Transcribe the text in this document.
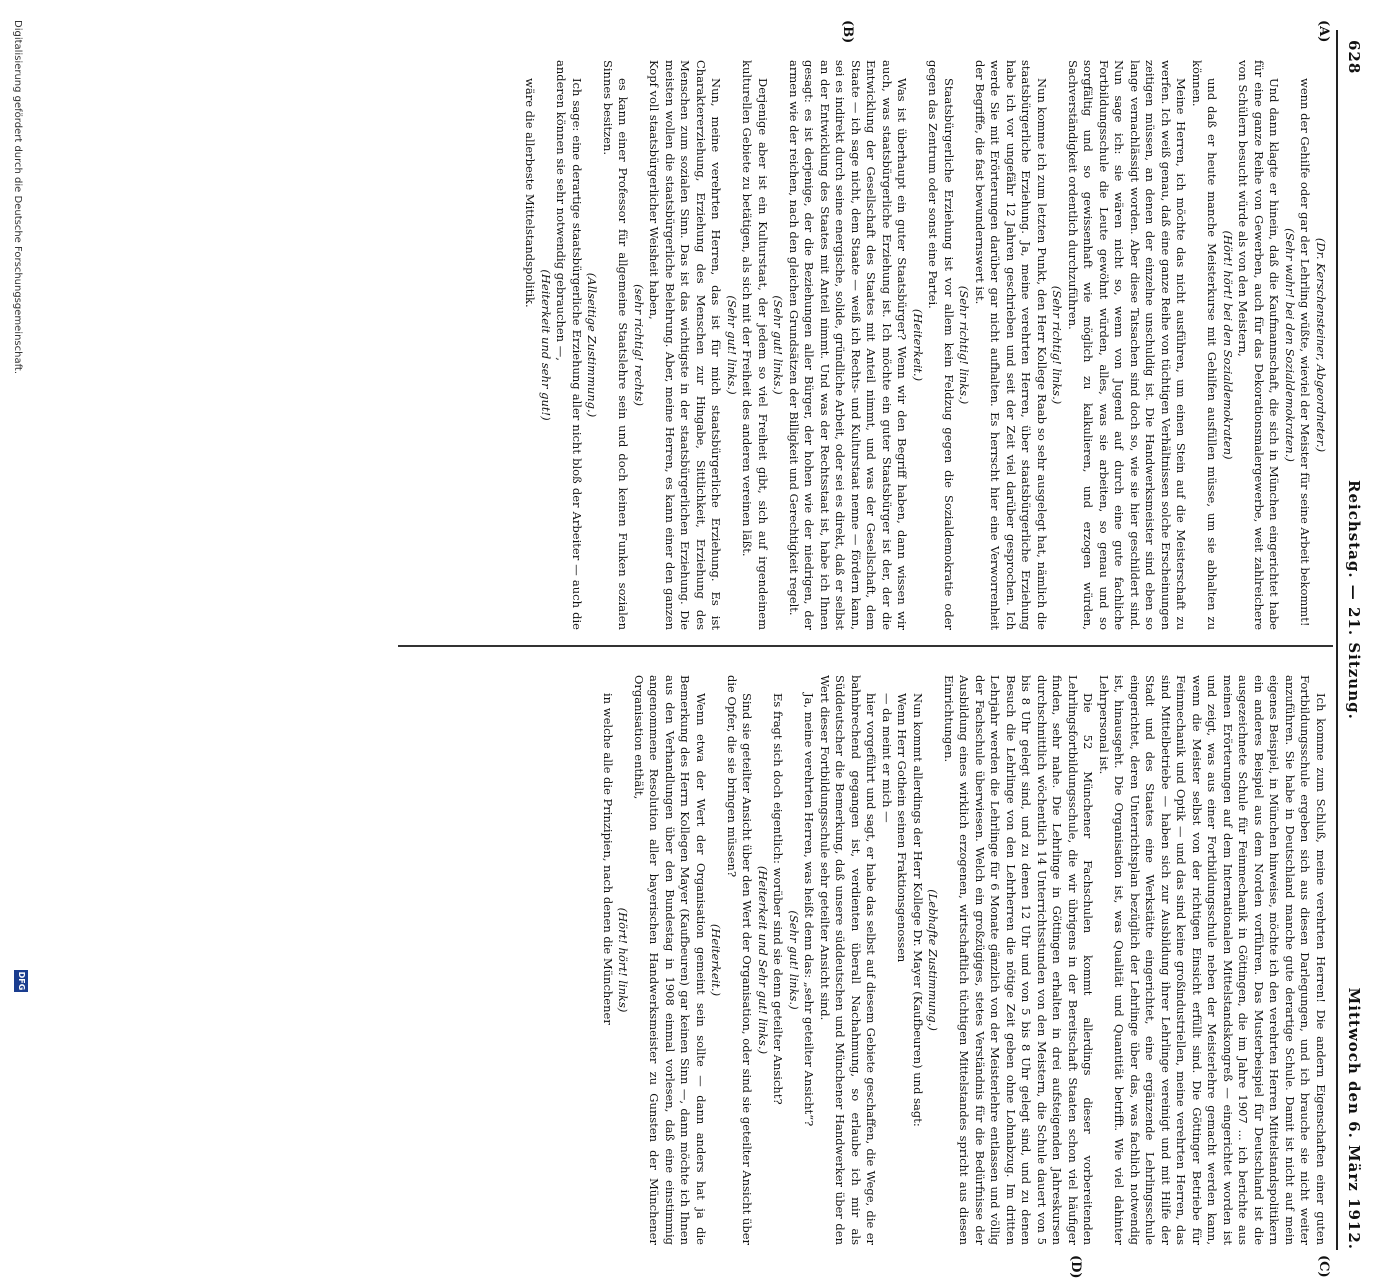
628
Reichstag. — 21. Sitzung.
Mittwoch den 6. März 1912.
(A)
(B)
(C)
(D)

(Dr. Kerschensteiner, Abgeordneter.)

wenn der Gehilfe oder gar der Lehrling wüßte, wieviel der Meister für seine Arbeit bekommt!

(Sehr wahr! bei den Sozialdemokraten.)

Und dann klagte er hinein, daß die Kaufmannschaft, die sich in München eingerichtet habe für eine ganze Reihe von Gewerben, auch für das Dekorationsmalergewerbe, weit zahlreichere von Schülern besucht würde als von den Meistern,

(Hört! hört! bei den Sozialdemokraten)

und daß er heute manche Meisterkurse mit Gehilfen ausfüllen müsse, um sie abhalten zu können.

Meine Herren, ich möchte das nicht ausführen, um einen Stein auf die Meisterschaft zu werfen. Ich weiß genau, daß eine ganze Reihe von tüchtigen Verhältnissen solche Erscheinungen zeitigen müssen, an denen der einzelne unschuldig ist. Die Handwerksmeister sind eben so lange vernachlässigt worden. Aber diese Tatsachen sind doch so, wie sie hier geschildert sind. Nun sage ich: sie wären nicht so, wenn von Jugend auf durch eine gute fachliche Fortbildungsschule die Leute gewöhnt würden, alles, was sie arbeiten, so genau und so sorgfältig und so gewissenhaft wie möglich zu kalkulieren, und erzogen würden, Sachverständigkeit ordentlich durchzuführen.

(Sehr richtig! links.)

Nun komme ich zum letzten Punkt, den Herr Kollege Raab so sehr ausgelegt hat, nämlich die staatsbürgerliche Erziehung. Ja, meine verehrten Herren, über staatsbürgerliche Erziehung habe ich vor ungefähr 12 Jahren geschrieben und seit der Zeit viel darüber gesprochen. Ich werde Sie mit Erörterungen darüber gar nicht aufhalten. Es herrscht hier eine Verworrenheit der Begriffe, die fast bewundernswert ist.

(Sehr richtig! links.)

Staatsbürgerliche Erziehung ist vor allem kein Feldzug gegen die Sozialdemokratie oder gegen das Zentrum oder sonst eine Partei.

(Heiterkeit.)

Was ist überhaupt ein guter Staatsbürger? Wenn wir den Begriff haben, dann wissen wir auch, was staatsbürgerliche Erziehung ist. Ich möchte ein guter Staatsbürger ist der, der die Entwicklung der Gesellschaft des Staates mit Anteil nimmt, und was der Gesellschaft, dem Staate — ich sage nicht, dem Staate — weiß ich Rechts- und Kulturstaat nenne — fördern kann, sei es indirekt durch seine energische, solide, gründliche Arbeit, oder sei es direkt, daß er selbst an der Entwicklung des Staates mit Anteil nimmt. Und was der Rechtsstaat ist, habe ich Ihnen gesagt: es ist derjenige, der die Beziehungen aller Bürger, der hohen wie der niedrigen, der armen wie der reichen, nach den gleichen Grundsätzen der Billigkeit und Gerechtigkeit regelt.

(Sehr gut! links.)

Derjenige aber ist ein Kulturstaat, der jedem so viel Freiheit gibt, sich auf irgendeinem kulturellen Gebiete zu betätigen, als sich mit der Freiheit des anderen vereinen läßt.

(Sehr gut! links.)

Nun, meine verehrten Herren, das ist für mich staatsbürgerliche Erziehung. Es ist Charaktererziehung, Erziehung des Menschen zur Hingabe, Sittlichkeit, Erziehung des Menschen zum sozialen Sinn. Das ist das wichtigste in der staatsbürgerlichen Erziehung. Die meisten wollen die staatsbürgerliche Belehrung. Aber, meine Herren, es kann einer den ganzen Kopf voll staatsbürgerlicher Weisheit haben,

(sehr richtig! rechts)

es kann einer Professor für allgemeine Staatslehre sein und doch keinen Funken sozialen Sinnes besitzen.

(Allseitige Zustimmung.)

Ich sage: eine derartige staatsbürgerliche Erziehung aller nicht bloß der Arbeiter — auch die anderen können sie sehr notwendig gebrauchen —,

(Heiterkeit und sehr gut!)

wäre die allerbeste Mittelstandspolitik.

Ich komme zum Schluß, meine verehrten Herren! Die andern Eigenschaften einer guten Fortbildungsschule ergeben sich aus diesen Darlegungen, und ich brauche sie nicht weiter anzuführen. Sie habe in Deutschland manche gute derartige Schule. Damit ist nicht auf mein eigenes Beispiel, in München hinweise, möchte ich den verehrten Herren Mittelstandspolitikern ein anderes Beispiel aus dem Norden vorführen. Das Musterbeispiel für Deutschland ist die ausgezeichnete Schule für Feinmechanik in Göttingen, die im Jahre 1907 ... ich berichte aus meinen Erörterungen auf dem Internationalen Mittelstandskongreß — eingerichtet worden ist und zeigt, was aus einer Fortbildungsschule neben der Meisterlehre gemacht werden kann, wenn die Meister selbst von der richtigen Einsicht erfüllt sind. Die Göttinger Betriebe für Feinmechanik und Optik — und das sind keine großindustriellen, meine verehrten Herren, das sind Mittelbetriebe — haben sich zur Ausbildung ihrer Lehrlinge vereinigt und mit Hilfe der Stadt und des Staates eine Werkstätte eingerichtet, eine ergänzende Lehrlingsschule eingerichtet, deren Unterrichtsplan bezüglich der Lehrlinge über das, was fachlich notwendig ist, hinausgeht. Die Organisation ist, was Qualität und Quantität betrifft. Wie viel dahinter Lehrpersonal ist.

Die 52 Münchener Fachschulen kommt allerdings dieser vorbereitenden Lehrlingsfortbildungsschule, die wir übrigens in der Bereitschaft Staaten schon viel häufiger finden, sehr nahe. Die Lehrlinge in Göttingen erhalten in drei aufsteigenden Jahreskursen durchschnittlich wöchentlich 14 Unterrichtsstunden von den Meistern, die Schule dauert von 5 bis 8 Uhr gelegt sind, und zu denen 12 Uhr und von 5 bis 8 Uhr gelegt sind, und zu denen Besuch die Lehrlinge von den Lehrherren die nötige Zeit geben ohne Lohnabzug. Im dritten Lehrjahr werden die Lehrlinge für 6 Monate gänzlich von der Meisterlehre entlassen und völlig der Fachschule überwiesen. Welch ein großzügiges, stetes Verständnis für die Bedürfnisse der Ausbildung eines wirklich erzogenen, wirtschaftlich tüchtigen Mittelstandes spricht aus diesen Einrichtungen.

(Lebhafte Zustimmung.)

Nun kommt allerdings der Herr Kollege Dr. Mayer (Kaufbeuren) und sagt:

Wenn Herr Gothein seinen Fraktionsgenossen

— da meint er mich —

hier vorgeführt und sagt, er habe das selbst auf diesem Gebiete geschaffen, die Wege, die er bahnbrechend gegangen ist, verdienten überall Nachahmung, so erlaube ich mir als Süddeutscher die Bemerkung, daß unsere süddeutschen und Münchener Handwerker über den Wert dieser Fortbildungsschule sehr geteilter Ansicht sind.

Ja, meine verehrten Herren, was heißt denn das: „sehr geteilter Ansicht“?

(Sehr gut! links.)

Es fragt sich doch eigentlich: worüber sind sie denn geteilter Ansicht?

(Heiterkeit und Sehr gut! links.)

Sind sie geteilter Ansicht über den Wert der Organisation, oder sind sie geteilter Ansicht über die Opfer, die sie bringen müssen?

(Heiterkeit.)

Wenn etwa der Wert der Organisation gemeint sein sollte — dann anders hat ja die Bemerkung des Herrn Kollegen Mayer (Kaufbeuren) gar keinen Sinn —, dann möchte ich Ihnen aus den Verhandlungen über den Bundestag in 1908 einmal vorlesen, daß eine einstimmig angenommene Resolution aller bayerischen Handwerksmeister zu Gunsten der Münchener Organisation enthält,

(Hört! hört! links)

in welche alle die Prinzipien, nach denen die Münchener

Digitalisierung gefördert durch die Deutsche Forschungsgemeinschaft.
DFG
